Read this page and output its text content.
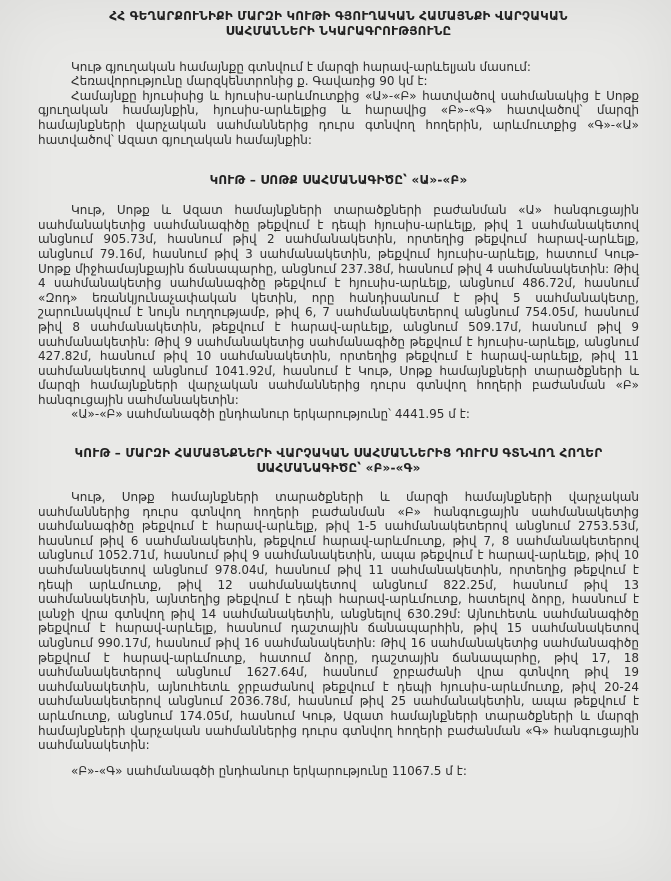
ՀՀ ԳԵՂԱՐՔՈՒՆԻՔԻ ՄԱՐԶԻ ԿՈՒԹԻ ԳՅՈՒՂԱԿԱՆ ՀԱՄԱՅՆՔԻ ՎԱՐՉԱԿԱՆ
ՍԱՀՄԱՆՆԵՐԻ ՆԿԱՐԱԳՐՈՒԹՅՈՒՆԸ

Կութ գյուղական համայնքը գտնվում է մարզի հարավ-արևելյան մասում:

Հեռավորությունը մարզկենտրոնից ք. Գավառից 90 կմ է:

Համայնքը հյուսիսից և հյուսիս-արևմուտքից «Ա»-«Բ» հատվածով սահմանակից է Սոթք գյուղական համայնքին, հյուսիս-արևելքից և հարավից «Բ»-«Գ» հատվածով՝ մարզի համայնքների վարչական սահմաններից դուրս գտնվող հողերին, արևմուտքից «Գ»-«Ա» հատվածով՝ Ազատ գյուղական համայնքին:

ԿՈՒԹ – ՍՈԹՔ ՍԱՀՄԱՆԱԳԻԾԸ՝ «Ա»-«Բ»

Կութ, Սոթք և Ազատ համայնքների տարածքների բաժանման «Ա» հանգուցային սահմանակետից սահմանագիծը թեքվում է դեպի հյուսիս-արևելք, թիվ 1 սահմանակետով անցնում 905.73մ, հասնում թիվ 2 սահմանակետին, որտեղից թեքվում հարավ-արևելք, անցնում 79.16մ, հասնում թիվ 3 սահմանակետին, թեքվում հյուսիս-արևելք, հատում Կութ-Սոթք միջհամայնքային ճանապարհը, անցնում 237.38մ, հասնում թիվ 4 սահմանակետին: Թիվ 4 սահմանակետից սահմանագիծը թեքվում է հյուսիս-արևելք, անցնում 486.72մ, հասնում «Զոդ» եռանկյունաչափական կետին, որը հանդիսանում է թիվ 5 սահմանակետը, շարունակվում է նույն ուղղությամբ, թիվ 6, 7 սահմանակետերով անցնում 754.05մ, հասնում թիվ 8 սահմանակետին, թեքվում է հարավ-արևելք, անցնում 509.17մ, հասնում թիվ 9 սահմանակետին: Թիվ 9 սահմանակետից սահմանագիծը թեքվում է հյուսիս-արևելք, անցնում 427.82մ, հասնում թիվ 10 սահմանակետին, որտեղից թեքվում է հարավ-արևելք, թիվ 11 սահմանակետով անցնում 1041.92մ, հասնում է Կութ, Սոթք համայնքների տարածքների և մարզի համայնքների վարչական սահմաններից դուրս գտնվող հողերի բաժանման «Բ» հանգուցային սահմանակետին:

«Ա»-«Բ» սահմանագծի ընդհանուր երկարությունը՝ 4441.95 մ է:

ԿՈՒԹ – ՄԱՐԶԻ ՀԱՄԱՅՆՔՆԵՐԻ ՎԱՐՉԱԿԱՆ ՍԱՀՄԱՆՆԵՐԻՑ ԴՈՒՐՍ ԳՏՆՎՈՂ ՀՈՂԵՐ
ՍԱՀՄԱՆԱԳԻԾԸ՝ «Բ»-«Գ»

Կութ, Սոթք համայնքների տարածքների և մարզի համայնքների վարչական սահմաններից դուրս գտնվող հողերի բաժանման «Բ» հանգուցային սահմանակետից սահմանագիծը թեքվում է հարավ-արևելք, թիվ 1-5 սահմանակետերով անցնում 2753.53մ, հասնում թիվ 6 սահմանակետին, թեքվում հարավ-արևմուտք, թիվ 7, 8 սահմանակետերով անցնում 1052.71մ, հասնում թիվ 9 սահմանակետին, ապա թեքվում է հարավ-արևելք, թիվ 10 սահմանակետով անցնում 978.04մ, հասնում թիվ 11 սահմանակետին, որտեղից թեքվում է դեպի արևմուտք, թիվ 12 սահմանակետով անցնում 822.25մ, հասնում թիվ 13 սահմանակետին, այնտեղից թեքվում է դեպի հարավ-արևմուտք, հատելով ձորը, հասնում է լանջի վրա գտնվող թիվ 14 սահմանակետին, անցնելով 630.29մ: Այնուհետև սահմանագիծը թեքվում է հարավ-արևելք, հասնում դաշտային ճանապարհին, թիվ 15 սահմանակետով անցնում 990.17մ, հասնում թիվ 16 սահմանակետին: Թիվ 16 սահմանակետից սահմանագիծը թեքվում է հարավ-արևմուտք, հատում ձորը, դաշտային ճանապարհը, թիվ 17, 18 սահմանակետերով անցնում 1627.64մ, հասնում ջրբաժանի վրա գտնվող թիվ 19 սահմանակետին, այնուհետև ջրբաժանով թեքվում է դեպի հյուսիս-արևմուտք, թիվ 20-24 սահմանակետերով անցնում 2036.78մ, հասնում թիվ 25 սահմանակետին, ապա թեքվում է արևմուտք, անցնում 174.05մ, հասնում Կութ, Ազատ համայնքների տարածքների և մարզի համայնքների վարչական սահմաններից դուրս գտնվող հողերի բաժանման «Գ» հանգուցային սահմանակետին:

«Բ»-«Գ» սահմանագծի ընդհանուր երկարությունը 11067.5 մ է:
